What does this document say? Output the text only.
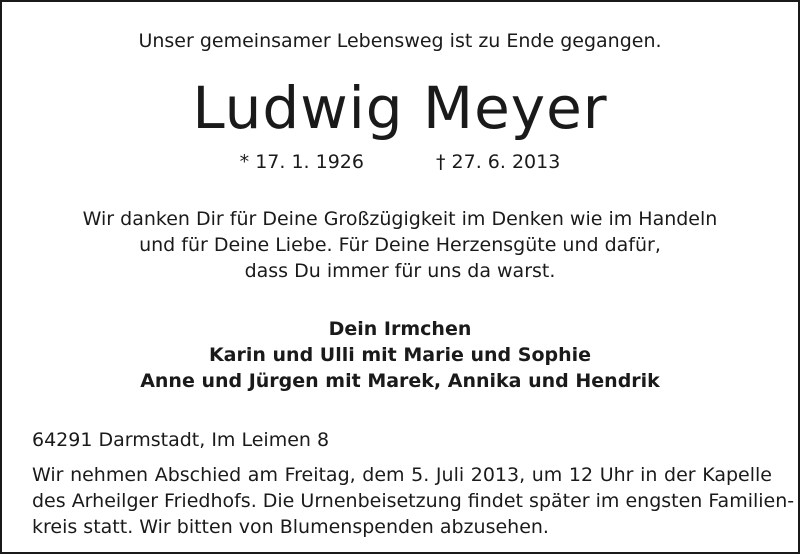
Unser gemeinsamer Lebensweg ist zu Ende gegangen.
Ludwig Meyer
* 17. 1. 1926	† 27. 6. 2013
Wir danken Dir für Deine Großzügigkeit im Denken wie im Handeln
und für Deine Liebe. Für Deine Herzensgüte und dafür,
dass Du immer für uns da warst.
Dein Irmchen
Karin und Ulli mit Marie und Sophie
Anne und Jürgen mit Marek, Annika und Hendrik
64291 Darmstadt, Im Leimen 8
Wir nehmen Abschied am Freitag, dem 5. Juli 2013, um 12 Uhr in der Kapelle
des Arheilger Friedhofs. Die Urnenbeisetzung findet später im engsten Familien-
kreis statt. Wir bitten von Blumenspenden abzusehen.
